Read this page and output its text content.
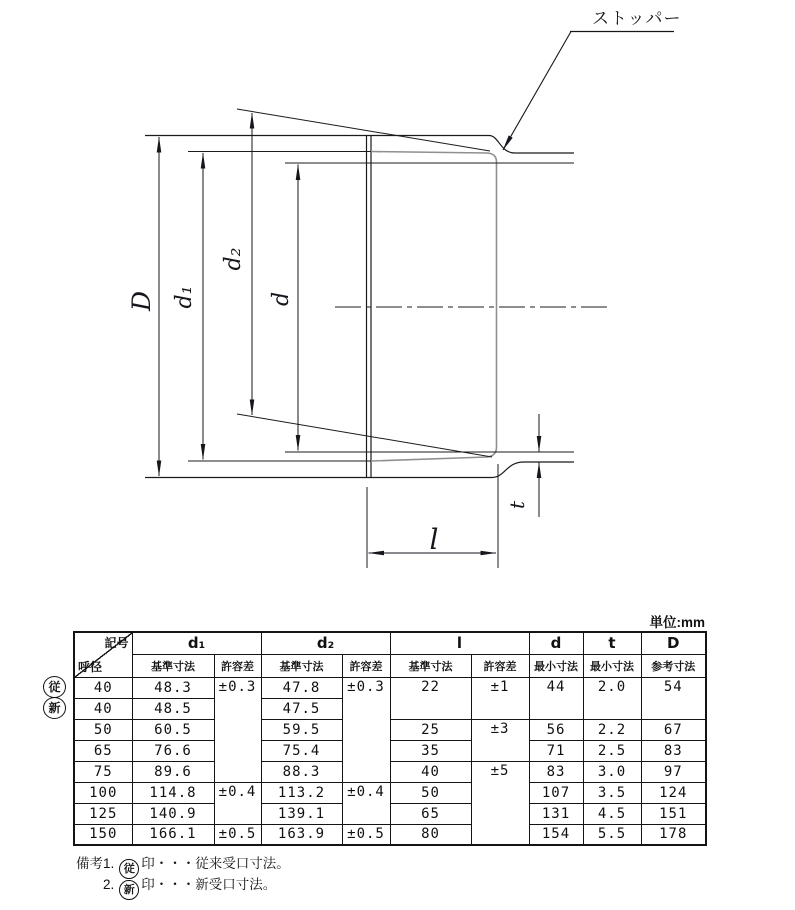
ストッパー
D d₁
d₂
d
l
t
単位:mm
記号
呼径	d₁		d₂		l		d	t	D
	基準寸法	許容差	基準寸法	許容差	基準寸法	許容差	最小寸法	最小寸法	参考寸法
40	48.3	±0.3	47.8	±0.3	22	±1	44	2.0	54
40	48.5		47.5						
50	60.5		59.5		25	±3	56	2.2	67
65	76.6		75.4		35		71	2.5	83
75	89.6		88.3		40	±5	83	3.0	97
100	114.8	±0.4	113.2	±0.4	50		107	3.5	124
125	140.9		139.1		65		131	4.5	151
150	166.1	±0.5	163.9	±0.5	80		154	5.5	178
備考1. 従 印・・・従来受口寸法。
2. 新 印・・・新受口寸法。
従
新
